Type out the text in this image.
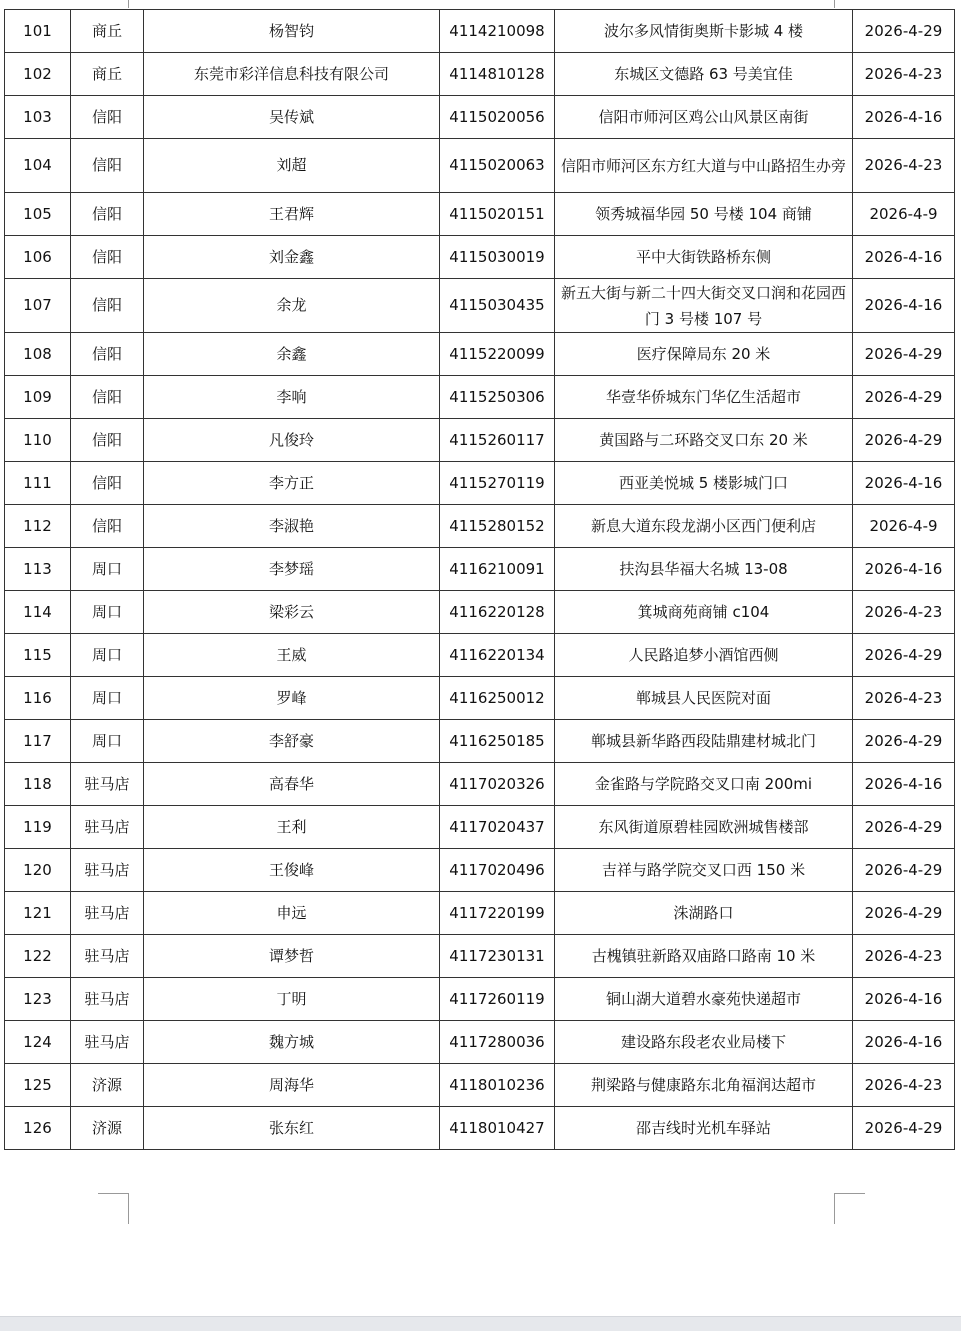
101	商丘	杨智钧	4114210098	波尔多风情街奥斯卡影城 4 楼	2026-4-29
102	商丘	东莞市彩洋信息科技有限公司	4114810128	东城区文德路 63 号美宜佳	2026-4-23
103	信阳	吴传斌	4115020056	信阳市师河区鸡公山风景区南街	2026-4-16
104	信阳	刘超	4115020063	信阳市师河区东方红大道与中山路招生办旁	2026-4-23
105	信阳	王君辉	4115020151	领秀城福华园 50 号楼 104 商铺	2026-4-9
106	信阳	刘金鑫	4115030019	平中大街铁路桥东侧	2026-4-16
107	信阳	余龙	4115030435	新五大街与新二十四大街交叉口润和花园西门 3 号楼 107 号	2026-4-16
108	信阳	余鑫	4115220099	医疗保障局东 20 米	2026-4-29
109	信阳	李响	4115250306	华壹华侨城东门华亿生活超市	2026-4-29
110	信阳	凡俊玲	4115260117	黄国路与二环路交叉口东 20 米	2026-4-29
111	信阳	李方正	4115270119	西亚美悦城 5 楼影城门口	2026-4-16
112	信阳	李淑艳	4115280152	新息大道东段龙湖小区西门便利店	2026-4-9
113	周口	李梦瑶	4116210091	扶沟县华福大名城 13-08	2026-4-16
114	周口	梁彩云	4116220128	箕城商苑商铺 c104	2026-4-23
115	周口	王威	4116220134	人民路追梦小酒馆西侧	2026-4-29
116	周口	罗峰	4116250012	郸城县人民医院对面	2026-4-23
117	周口	李舒豪	4116250185	郸城县新华路西段陆鼎建材城北门	2026-4-29
118	驻马店	高春华	4117020326	金雀路与学院路交叉口南 200mi	2026-4-16
119	驻马店	王利	4117020437	东风街道原碧桂园欧洲城售楼部	2026-4-29
120	驻马店	王俊峰	4117020496	吉祥与路学院交叉口西 150 米	2026-4-29
121	驻马店	申远	4117220199	洙湖路口	2026-4-29
122	驻马店	谭梦哲	4117230131	古槐镇驻新路双庙路口路南 10 米	2026-4-23
123	驻马店	丁明	4117260119	铜山湖大道碧水豪苑快递超市	2026-4-16
124	驻马店	魏方城	4117280036	建设路东段老农业局楼下	2026-4-16
125	济源	周海华	4118010236	荆梁路与健康路东北角福润达超市	2026-4-23
126	济源	张东红	4118010427	邵吉线时光机车驿站	2026-4-29
